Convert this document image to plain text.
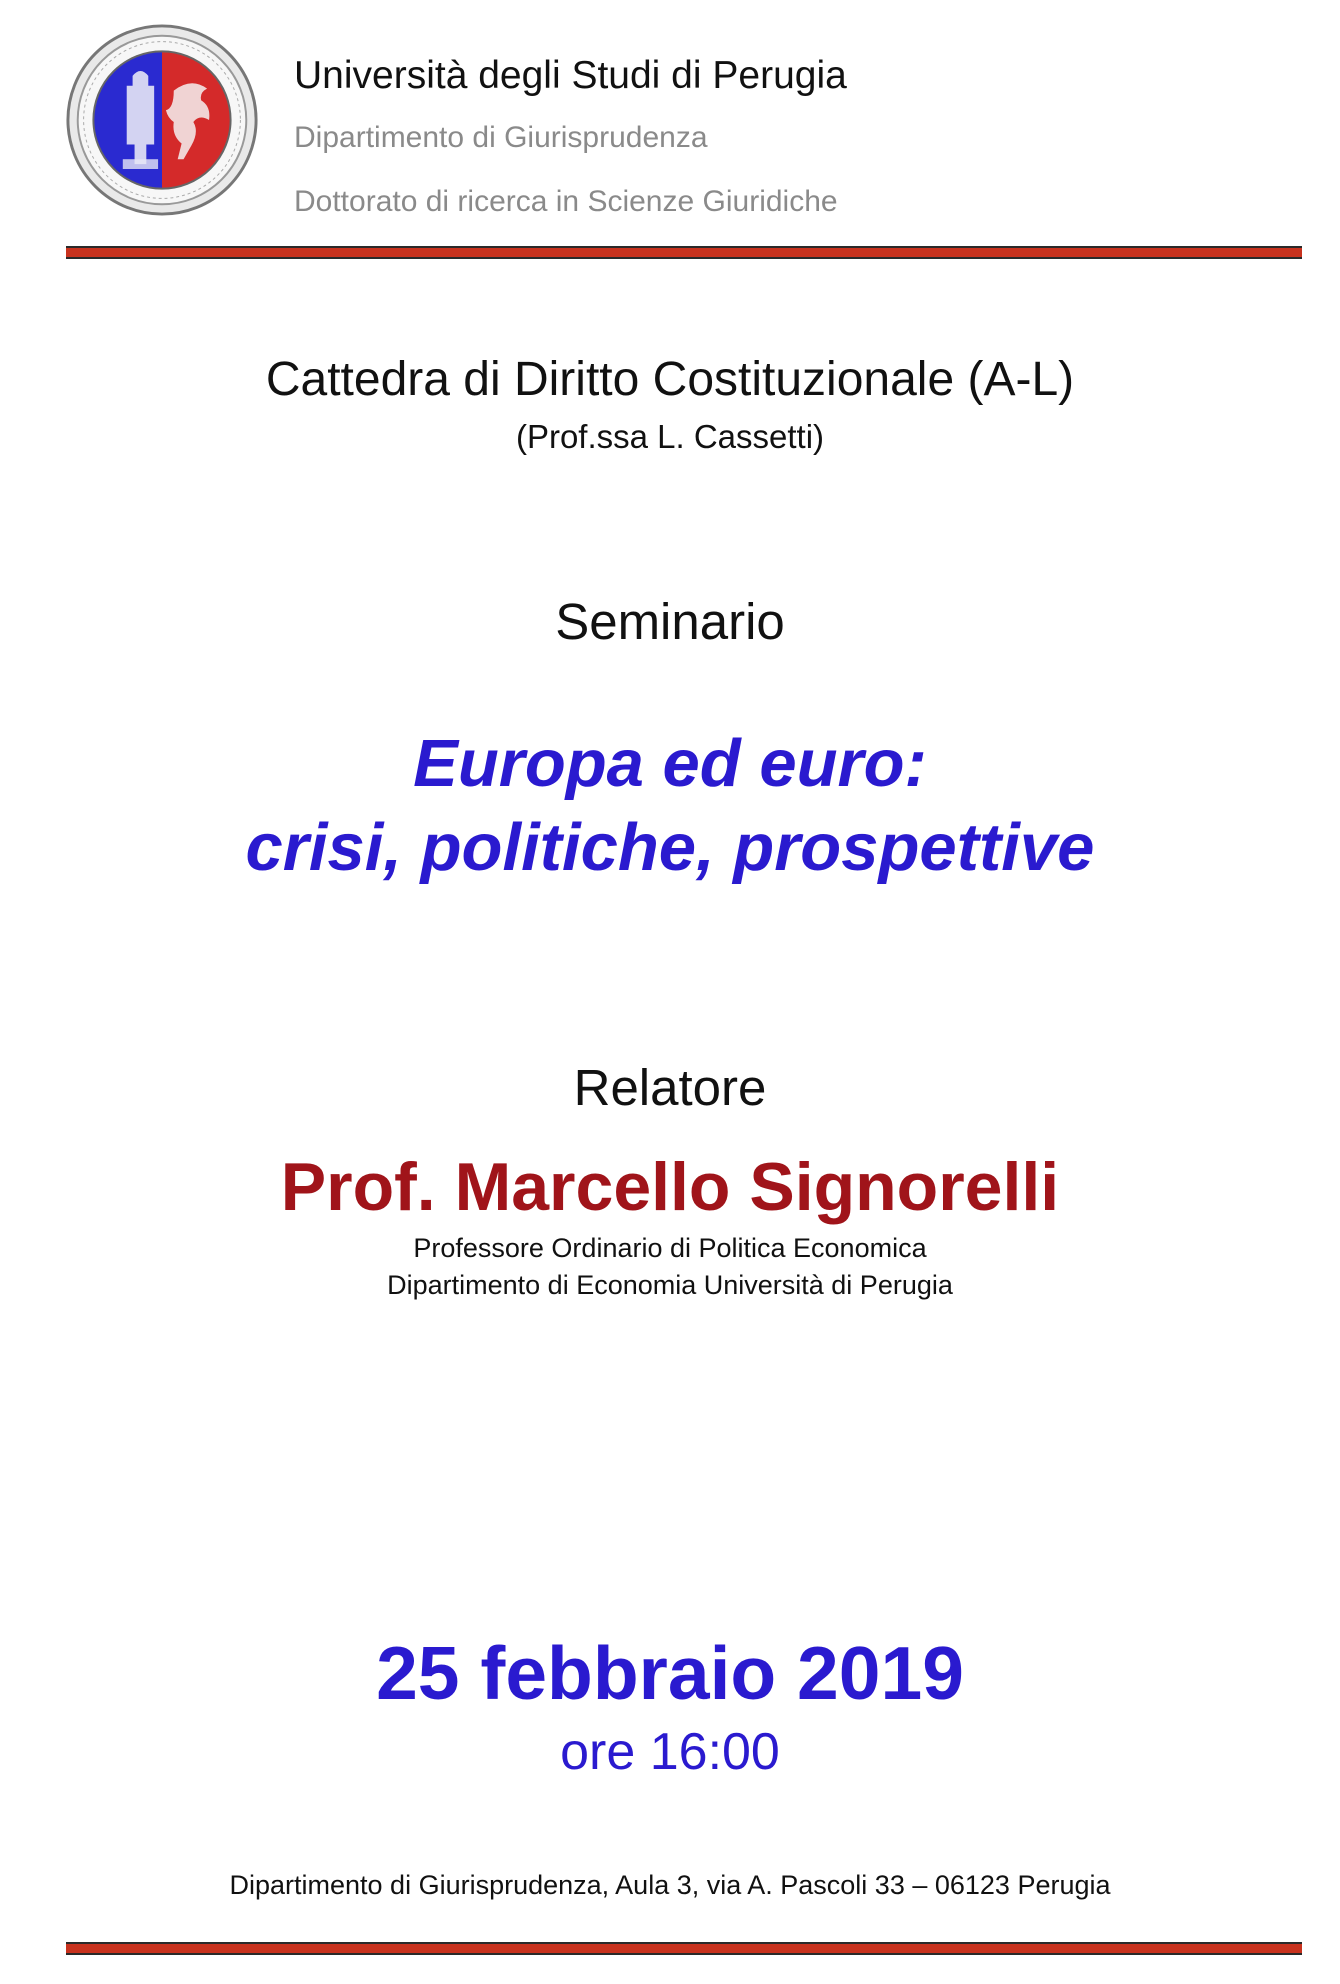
Università degli Studi di Perugia
Dipartimento di Giurisprudenza
Dottorato di ricerca in Scienze Giuridiche
Cattedra di Diritto Costituzionale (A-L)
(Prof.ssa L. Cassetti)
Seminario
Europa ed euro:
crisi, politiche, prospettive
Relatore
Prof. Marcello Signorelli
Professore Ordinario di Politica Economica
Dipartimento di Economia Università di Perugia
25 febbraio 2019
ore 16:00
Dipartimento di Giurisprudenza, Aula 3, via A. Pascoli 33 – 06123 Perugia
